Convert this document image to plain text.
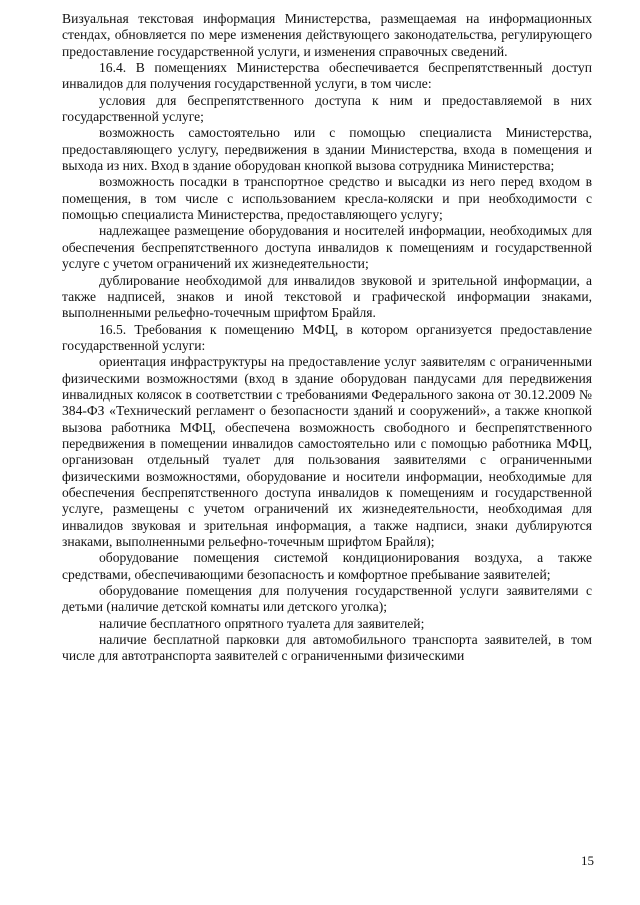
Визуальная текстовая информация Министерства, размещаемая на информационных стендах, обновляется по мере изменения действующего законодательства, регулирующего предоставление государственной услуги, и изменения справочных сведений.

16.4. В помещениях Министерства обеспечивается беспрепятственный доступ инвалидов для получения государственной услуги, в том числе:

условия для беспрепятственного доступа к ним и предоставляемой в них государственной услуге;

возможность самостоятельно или с помощью специалиста Министерства, предоставляющего услугу, передвижения в здании Министерства, входа в помещения и выхода из них. Вход в здание оборудован кнопкой вызова сотрудника Министерства;

возможность посадки в транспортное средство и высадки из него перед входом в помещения, в том числе с использованием кресла-коляски и при необходимости с помощью специалиста Министерства, предоставляющего услугу;

надлежащее размещение оборудования и носителей информации, необходимых для обеспечения беспрепятственного доступа инвалидов к помещениям и государственной услуге с учетом ограничений их жизнедеятельности;

дублирование необходимой для инвалидов звуковой и зрительной информации, а также надписей, знаков и иной текстовой и графической информации знаками, выполненными рельефно-точечным шрифтом Брайля.

16.5. Требования к помещению МФЦ, в котором организуется предоставление государственной услуги:

ориентация инфраструктуры на предоставление услуг заявителям с ограниченными физическими возможностями (вход в здание оборудован пандусами для передвижения инвалидных колясок в соответствии с требованиями Федерального закона от 30.12.2009 № 384-ФЗ «Технический регламент о безопасности зданий и сооружений», а также кнопкой вызова работника МФЦ, обеспечена возможность свободного и беспрепятственного передвижения в помещении инвалидов самостоятельно или с помощью работника МФЦ, организован отдельный туалет для пользования заявителями с ограниченными физическими возможностями, оборудование и носители информации, необходимые для обеспечения беспрепятственного доступа инвалидов к помещениям и государственной услуге, размещены с учетом ограничений их жизнедеятельности, необходимая для инвалидов звуковая и зрительная информация, а также надписи, знаки дублируются знаками, выполненными рельефно-точечным шрифтом Брайля);

оборудование помещения системой кондиционирования воздуха, а также средствами, обеспечивающими безопасность и комфортное пребывание заявителей;

оборудование помещения для получения государственной услуги заявителями с детьми (наличие детской комнаты или детского уголка);

наличие бесплатного опрятного туалета для заявителей;

наличие бесплатной парковки для автомобильного транспорта заявителей, в том числе для автотранспорта заявителей с ограниченными физическими

15
